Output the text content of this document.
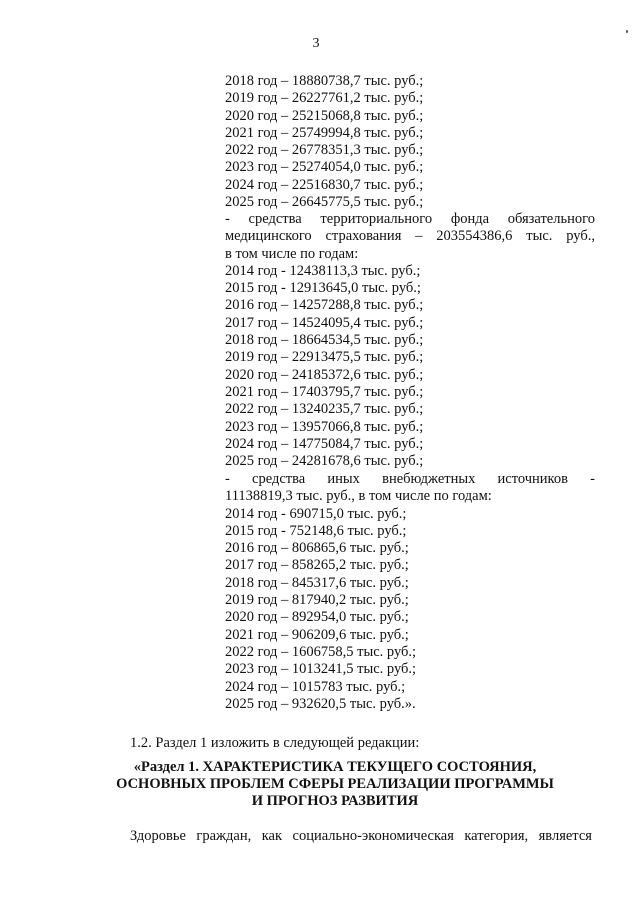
3
2018 год – 18880738,7 тыс. руб.;
2019 год – 26227761,2 тыс. руб.;
2020 год – 25215068,8 тыс. руб.;
2021 год – 25749994,8 тыс. руб.;
2022 год – 26778351,3 тыс. руб.;
2023 год – 25274054,0 тыс. руб.;
2024 год – 22516830,7 тыс. руб.;
2025 год – 26645775,5 тыс. руб.;
- средства территориального фонда обязательного
медицинского страхования – 203554386,6 тыс. руб.,
в том числе по годам:
2014 год - 12438113,3 тыс. руб.;
2015 год - 12913645,0 тыс. руб.;
2016 год – 14257288,8 тыс. руб.;
2017 год – 14524095,4 тыс. руб.;
2018 год – 18664534,5 тыс. руб.;
2019 год – 22913475,5 тыс. руб.;
2020 год – 24185372,6 тыс. руб.;
2021 год – 17403795,7 тыс. руб.;
2022 год – 13240235,7 тыс. руб.;
2023 год – 13957066,8 тыс. руб.;
2024 год – 14775084,7 тыс. руб.;
2025 год – 24281678,6 тыс. руб.;
- средства иных внебюджетных источников -
11138819,3 тыс. руб., в том числе по годам:
2014 год - 690715,0 тыс. руб.;
2015 год - 752148,6 тыс. руб.;
2016 год – 806865,6 тыс. руб.;
2017 год – 858265,2 тыс. руб.;
2018 год – 845317,6 тыс. руб.;
2019 год – 817940,2 тыс. руб.;
2020 год – 892954,0 тыс. руб.;
2021 год – 906209,6 тыс. руб.;
2022 год – 1606758,5 тыс. руб.;
2023 год – 1013241,5 тыс. руб.;
2024 год – 1015783 тыс. руб.;
2025 год – 932620,5 тыс. руб.».
1.2. Раздел 1 изложить в следующей редакции:
«Раздел 1. ХАРАКТЕРИСТИКА ТЕКУЩЕГО СОСТОЯНИЯ,
ОСНОВНЫХ ПРОБЛЕМ СФЕРЫ РЕАЛИЗАЦИИ ПРОГРАММЫ
И ПРОГНОЗ РАЗВИТИЯ
Здоровье граждан, как социально-экономическая категория, является
